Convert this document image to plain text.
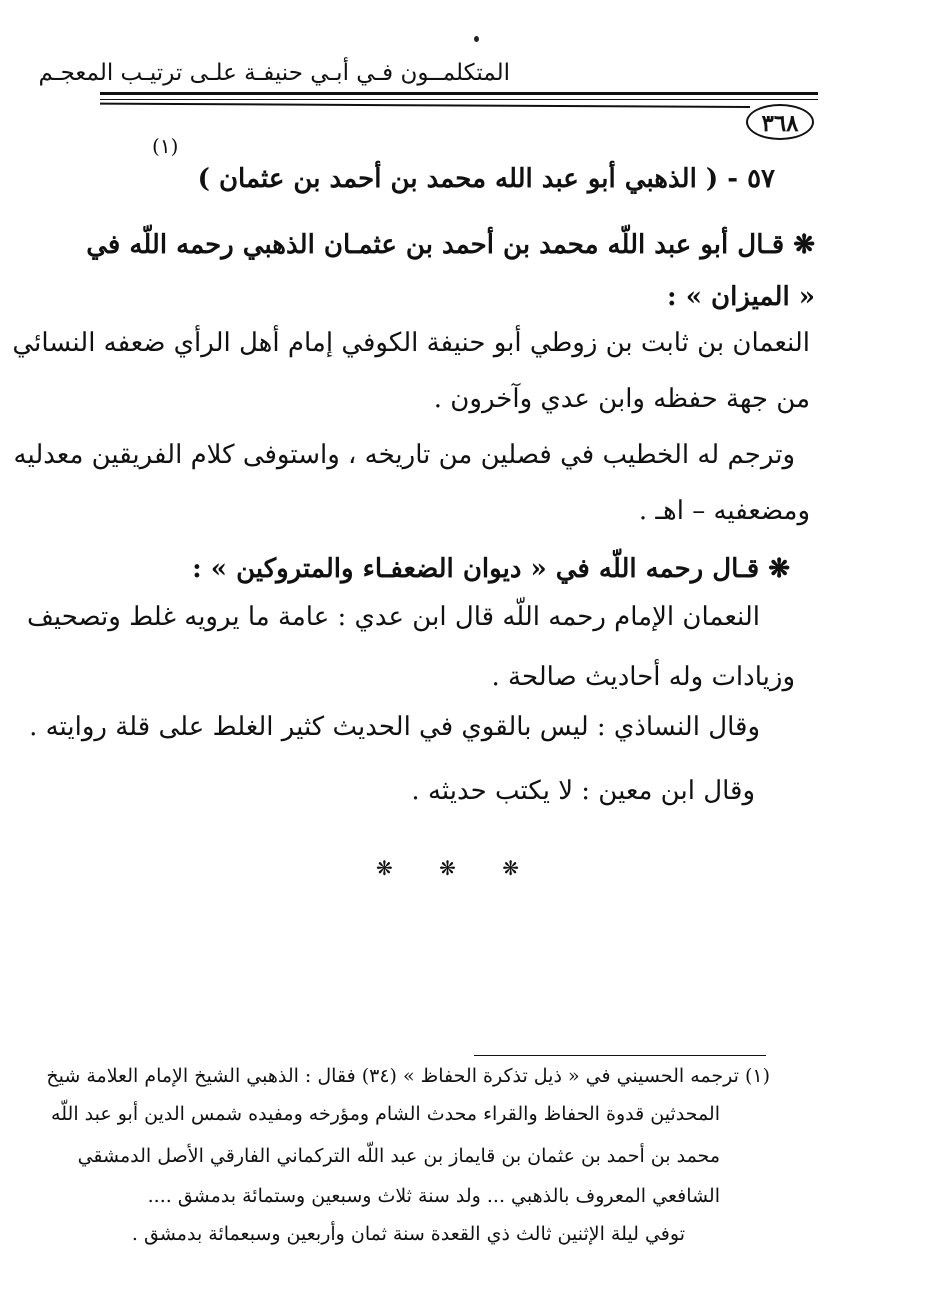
المتكلمــون فـي أبـي حنيفـة علـى ترتيـب المعجـم
٣٦٨
(١)
٥٧ - ( الذهبي أبو عبد الله محمد بن أحمد بن عثمان )
❋ قـال أبو عبد اللّه محمد بن أحمد بن عثمـان الذهبي رحمه اللّه في
« الميزان » :
النعمان بن ثابت بن زوطي أبو حنيفة الكوفي إمام أهل الرأي ضعفه النسائي
من جهة حفظه وابن عدي وآخرون .
وترجم له الخطيب في فصلين من تاريخه ، واستوفى كلام الفريقين معدليه
ومضعفيه – اهـ .
❋ قـال رحمه اللّه في « ديوان الضعفـاء والمتروكين » :
النعمان الإمام رحمه اللّه قال ابن عدي : عامة ما يرويه غلط وتصحيف
وزيادات وله أحاديث صالحة .
وقال النساذي : ليس بالقوي في الحديث كثير الغلط على قلة روايته .
وقال ابن معين : لا يكتب حديثه .
❋ ❋ ❋
(١) ترجمه الحسيني في « ذيل تذكرة الحفاظ » (٣٤) فقال : الذهبي الشيخ الإمام العلامة شيخ
المحدثين قدوة الحفاظ والقراء محدث الشام ومؤرخه ومفيده شمس الدين أبو عبد اللّه
محمد بن أحمد بن عثمان بن قايماز بن عبد اللّه التركماني الفارقي الأصل الدمشقي
الشافعي المعروف بالذهبي ... ولد سنة ثلاث وسبعين وستمائة بدمشق ....
توفي ليلة الإثنين ثالث ذي القعدة سنة ثمان وأربعين وسبعمائة بدمشق .
